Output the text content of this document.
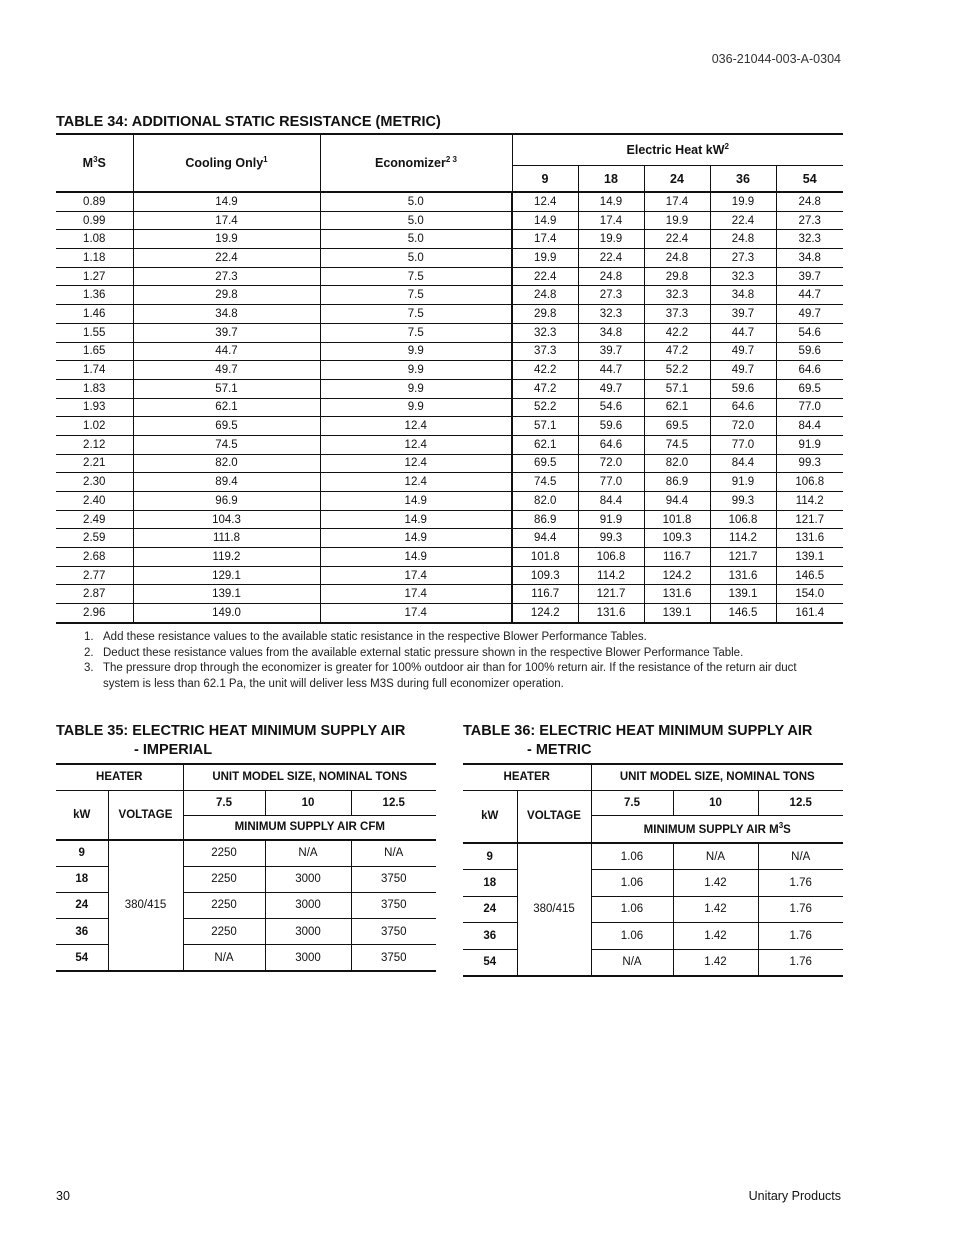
036-21044-003-A-0304
TABLE 34: ADDITIONAL STATIC RESISTANCE (METRIC)
$M^3S$	Cooling Only$^1$	Economizer$^{2 3}$	Electric Heat $kW^2$
			9	18	24	36	54
0.89	14.9	5.0	12.4	14.9	17.4	19.9	24.8
0.99	17.4	5.0	14.9	17.4	19.9	22.4	27.3
1.08	19.9	5.0	17.4	19.9	22.4	24.8	32.3
1.18	22.4	5.0	19.9	22.4	24.8	27.3	34.8
1.27	27.3	7.5	22.4	24.8	29.8	32.3	39.7
1.36	29.8	7.5	24.8	27.3	32.3	34.8	44.7
1.46	34.8	7.5	29.8	32.3	37.3	39.7	49.7
1.55	39.7	7.5	32.3	34.8	42.2	44.7	54.6
1.65	44.7	9.9	37.3	39.7	47.2	49.7	59.6
1.74	49.7	9.9	42.2	44.7	52.2	49.7	64.6
1.83	57.1	9.9	47.2	49.7	57.1	59.6	69.5
1.93	62.1	9.9	52.2	54.6	62.1	64.6	77.0
1.02	69.5	12.4	57.1	59.6	69.5	72.0	84.4
2.12	74.5	12.4	62.1	64.6	74.5	77.0	91.9
2.21	82.0	12.4	69.5	72.0	82.0	84.4	99.3
2.30	89.4	12.4	74.5	77.0	86.9	91.9	106.8
2.40	96.9	14.9	82.0	84.4	94.4	99.3	114.2
2.49	104.3	14.9	86.9	91.9	101.8	106.8	121.7
2.59	111.8	14.9	94.4	99.3	109.3	114.2	131.6
2.68	119.2	14.9	101.8	106.8	116.7	121.7	139.1
2.77	129.1	17.4	109.3	114.2	124.2	131.6	146.5
2.87	139.1	17.4	116.7	121.7	131.6	139.1	154.0
2.96	149.0	17.4	124.2	131.6	139.1	146.5	161.4
1. Add these resistance values to the available static resistance in the respective Blower Performance Tables.
2. Deduct these resistance values from the available external static pressure shown in the respective Blower Performance Table.
3. The pressure drop through the economizer is greater for 100% outdoor air than for 100% return air. If the resistance of the return air duct system is less than 62.1 Pa, the unit will deliver less M3S during full economizer operation.
TABLE 35: ELECTRIC HEAT MINIMUM SUPPLY AIR
- IMPERIAL
HEATER		UNIT MODEL SIZE, NOMINAL TONS		
kW	VOLTAGE	7.5	10	12.5
		MINIMUM SUPPLY AIR CFM		
9	380/415	2250	N/A	N/A
18		2250	3000	3750
24		2250	3000	3750
36		2250	3000	3750
54		N/A	3000	3750
TABLE 36: ELECTRIC HEAT MINIMUM SUPPLY AIR
- METRIC
HEATER		UNIT MODEL SIZE, NOMINAL TONS		
kW	VOLTAGE	7.5	10	12.5
		MINIMUM SUPPLY AIR $M^3S$		
9	380/415	1.06	N/A	N/A
18		1.06	1.42	1.76
24		1.06	1.42	1.76
36		1.06	1.42	1.76
54		N/A	1.42	1.76
30	Unitary Products
